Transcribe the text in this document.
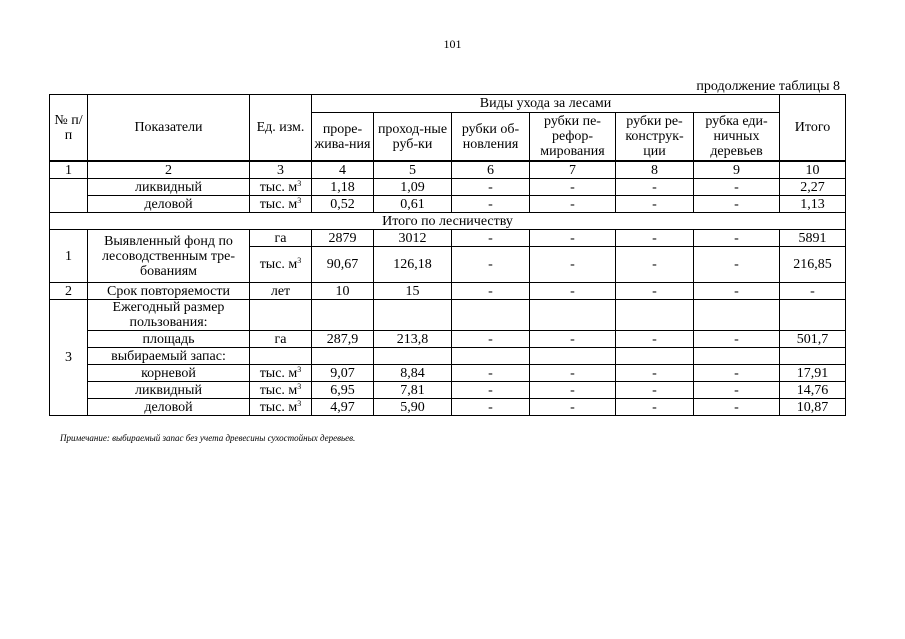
101
продолжение таблицы 8
№ п/п	Показатели	Ед. изм.	Виды ухода за лесами						Итого
			проре-жива-ния	проход-ные руб-ки	рубки об-новления	рубки пе-рефор-мирования	рубки ре-конструк-ции	рубка еди-ничных деревьев	
1	2	3	4	5	6	7	8	9	10
	ликвидный	тыс. $м^3$	1,18	1,09	-	-	-	-	2,27
	деловой	тыс. $м^3$	0,52	0,61	-	-	-	-	1,13
Итого по лесничеству									
1	Выявленный фонд по лесоводственным тре-бованиям	га	2879	3012	-	-	-	-	5891
		тыс. $м^3$	90,67	126,18	-	-	-	-	216,85
2	Срок повторяемости	лет	10	15	-	-	-	-	-
3	Ежегодный размер пользования:								
	площадь	га	287,9	213,8	-	-	-	-	501,7
	выбираемый запас:								
	корневой	тыс. $м^3$	9,07	8,84	-	-	-	-	17,91
	ликвидный	тыс. $м^3$	6,95	7,81	-	-	-	-	14,76
	деловой	тыс. $м^3$	4,97	5,90	-	-	-	-	10,87
Примечание: выбираемый запас без учета древесины сухостойных деревьев.
